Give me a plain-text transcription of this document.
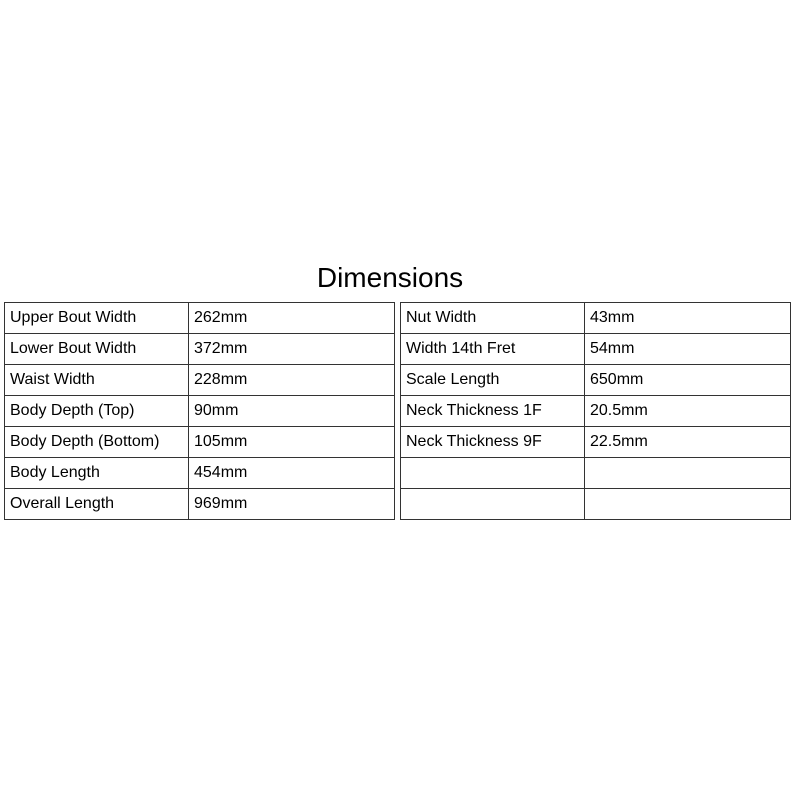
Dimensions
Upper Bout Width	262mm
Lower Bout Width	372mm
Waist Width	228mm
Body Depth (Top)	90mm
Body Depth (Bottom)	105mm
Body Length	454mm
Overall Length	969mm
Nut Width	43mm
Width 14th Fret	54mm
Scale Length	650mm
Neck Thickness 1F	20.5mm
Neck Thickness 9F	22.5mm
